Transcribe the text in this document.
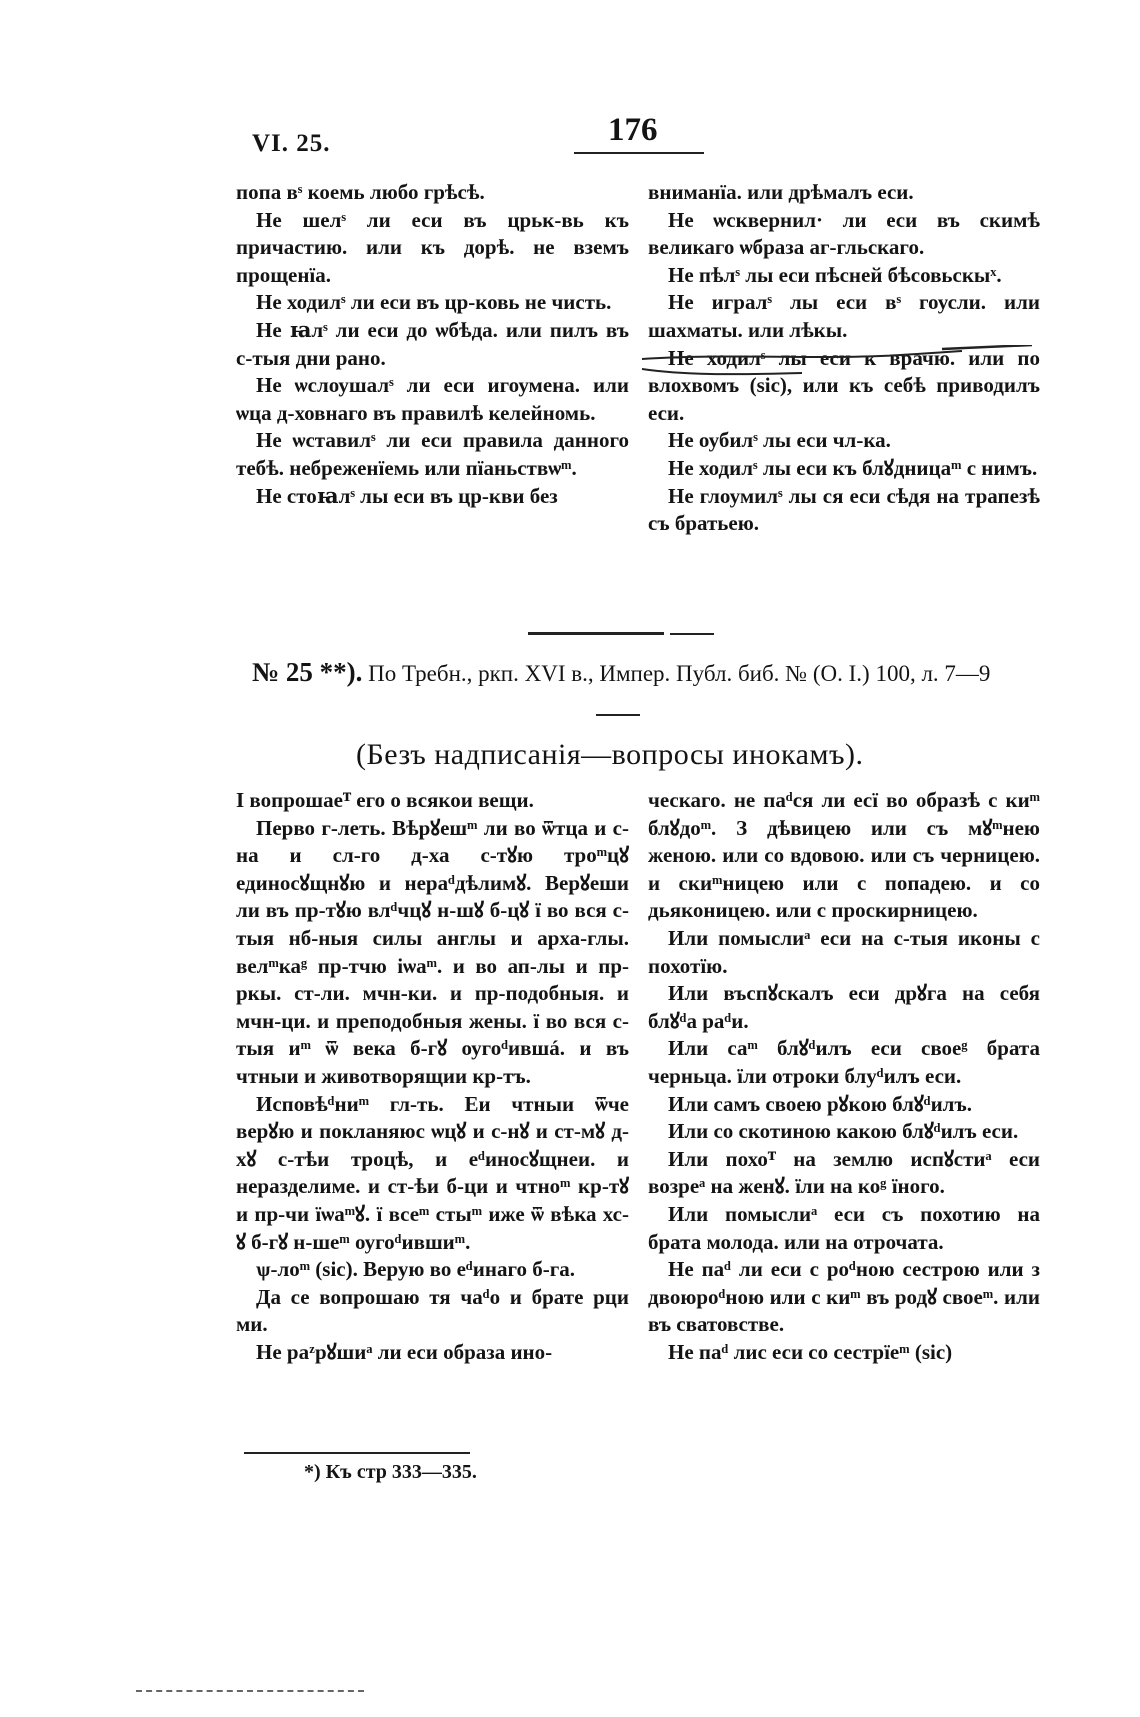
VI. 25.	176

попа вˢ коемь любо грѣсѣ.

Не шелˢ ли еси въ црьк-вь къ причастию. или къ дорѣ. не вземъ прощенїа.

Не ходилˢ ли еси въ цр-ковь не чисть.

Не ꙗлˢ ли еси до ѡбѣда. или пилъ въ с-тыя дни рано.

Не ѡслоушалˢ ли еси игоумена. или ѡца д-ховнаго въ правилѣ келейномь.

Не ѡставилˢ ли еси правила данного тебѣ. небреженїемь или пїаньствѡᵐ.

Не стоꙗлˢ лы еси въ цр-кви без

вниманїа. или дрѣмалъ еси.

Не ѡсквернил· ли еси въ скимѣ великаго ѡбраза аг-гльскаго.

Не пѣлˢ лы еси пѣсней бѣсовьскыˣ.

Не игралˢ лы еси вˢ гоусли. или шахматы. или лѣкы.

Не ходилˢ лы еси к врачю. или по влохвомъ (sic), или къ себѣ приводилъ еси.

Не оубилˢ лы еси чл-ка.

Не ходилˢ лы еси къ блꙋдницаᵐ с нимъ.

Не глоумилˢ лы ся еси сѣдя на трапезѣ съ братьею.

№ 25 **). По Требн., ркп. XVI в., Импер. Публ. биб. № (O. I.) 100, л. 7—9
(Безъ надписанія—вопросы инокамъ).

І вопрошаеᵀ его о всякои вещи.

Перво г-леть. Вѣрꙋешᵐ ли во ѿтца и с-на и сл-го д-ха с-тꙋю троᵐцꙋ единосꙋщнꙋю и нераᵈдѣлимꙋ. Верꙋеши ли въ пр-тꙋю влᵈчцꙋ н-шꙋ б-цꙋ ї во вся с-тыя нб-ныя силы англы и арха-глы. велᵐкаᵍ пр-тчю іѡаᵐ. и во ап-лы и пр-ркы. ст-ли. мчн-ки. и пр-подобныя. и мчн-ци. и преподобныя жены. ї во вся с-тыя иᵐ ѿ века б-гꙋ оугоᵈившá. и въ чтныи и животворящии кр-тъ.

Исповѣᵈниᵐ гл-ть. Еи чтныи ѿче верꙋю и покланяюс ѡцꙋ и с-нꙋ и ст-мꙋ д-хꙋ с-тѣи троцѣ, и еᵈиносꙋщнеи. и неразделиме. и ст-ѣи б-ци и чтноᵐ кр-тꙋ и пр-чи їѡаᵐꙋ. ї всеᵐ стыᵐ иже ѿ вѣка хс-ꙋ б-гꙋ н-шеᵐ оугоᵈившиᵐ.

ѱ-лоᵐ (sic). Верую во еᵈинаго б-га.

Да се вопрошаю тя чаᵈо и брате рци ми.

Не раᶻрꙋшиᵃ ли еси образа ино-

ческаго. не паᵈся ли есї во образѣ с киᵐ блꙋдоᵐ. З дѣвицею или съ мꙋᵐнею женою. или со вдовою. или съ черницею. и скиᵐницею или с попадею. и со дьяконицею. или с проскирницею.

Или помыслиᵃ еси на с-тыя иконы с похотїю.

Или въспꙋскалъ еси дрꙋга на себя блꙋᵈа раᵈи.

Или саᵐ блꙋᵈилъ еси своеᵍ брата черньца. їли отроки блуᵈилъ еси.

Или самъ своею рꙋкою блꙋᵈилъ.

Или со скотиною какою блꙋᵈилъ еси.

Или похоᵀ на землю испꙋстиᵃ еси возреᵃ на женꙋ. їли на коᵍ їного.

Или помыслиᵃ еси съ похотию на брата молода. или на отрочата.

Не паᵈ ли еси с роᵈною сестрою или з двоюроᵈною или с киᵐ въ родꙋ своеᵐ. или въ сватовстве.

Не паᵈ лис еси со сестрїеᵐ (sic)

*) Къ стр 333—335.
